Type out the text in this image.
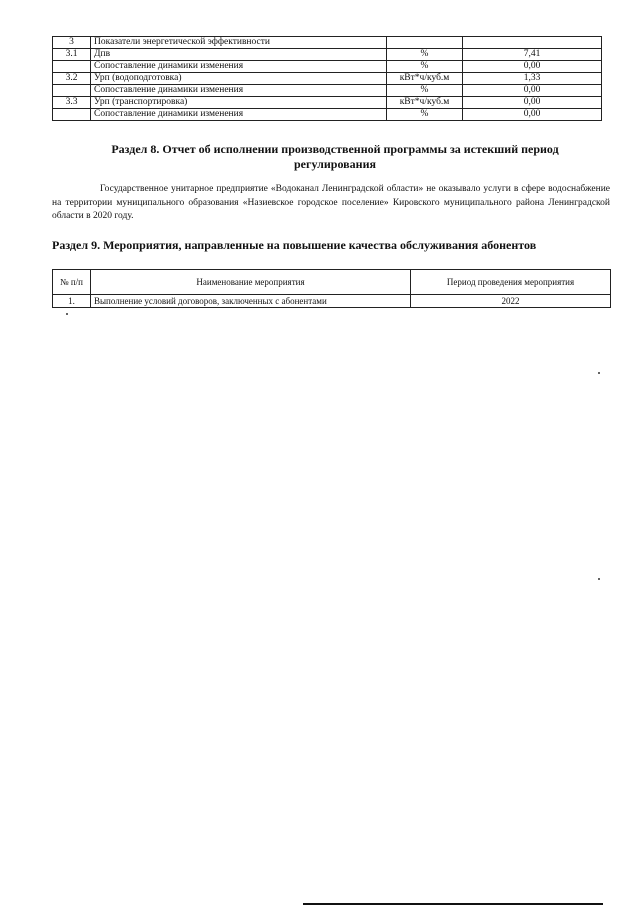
3	Показатели энергетической эффективности		
3.1	Дпв	%	7,41
	Сопоставление динамики изменения	%	0,00
3.2	Урп (водоподготовка)	кВт*ч/куб.м	1,33
	Сопоставление динамики изменения	%	0,00
3.3	Урп (транспортировка)	кВт*ч/куб.м	0,00
	Сопоставление динамики изменения	%	0,00
Раздел 8. Отчет об исполнении производственной программы за истекший период регулирования

Государственное унитарное предприятие «Водоканал Ленинградской области» не оказывало услуги в сфере водоснабжение на территории муниципального образования «Назиевское городское поселение» Кировского муниципального района Ленинградской области в 2020 году.

Раздел 9. Мероприятия, направленные на повышение качества обслуживания абонентов
№ п/п	Наименование мероприятия	Период проведения мероприятия
1.	Выполнение условий договоров, заключенных с абонентами	2022
